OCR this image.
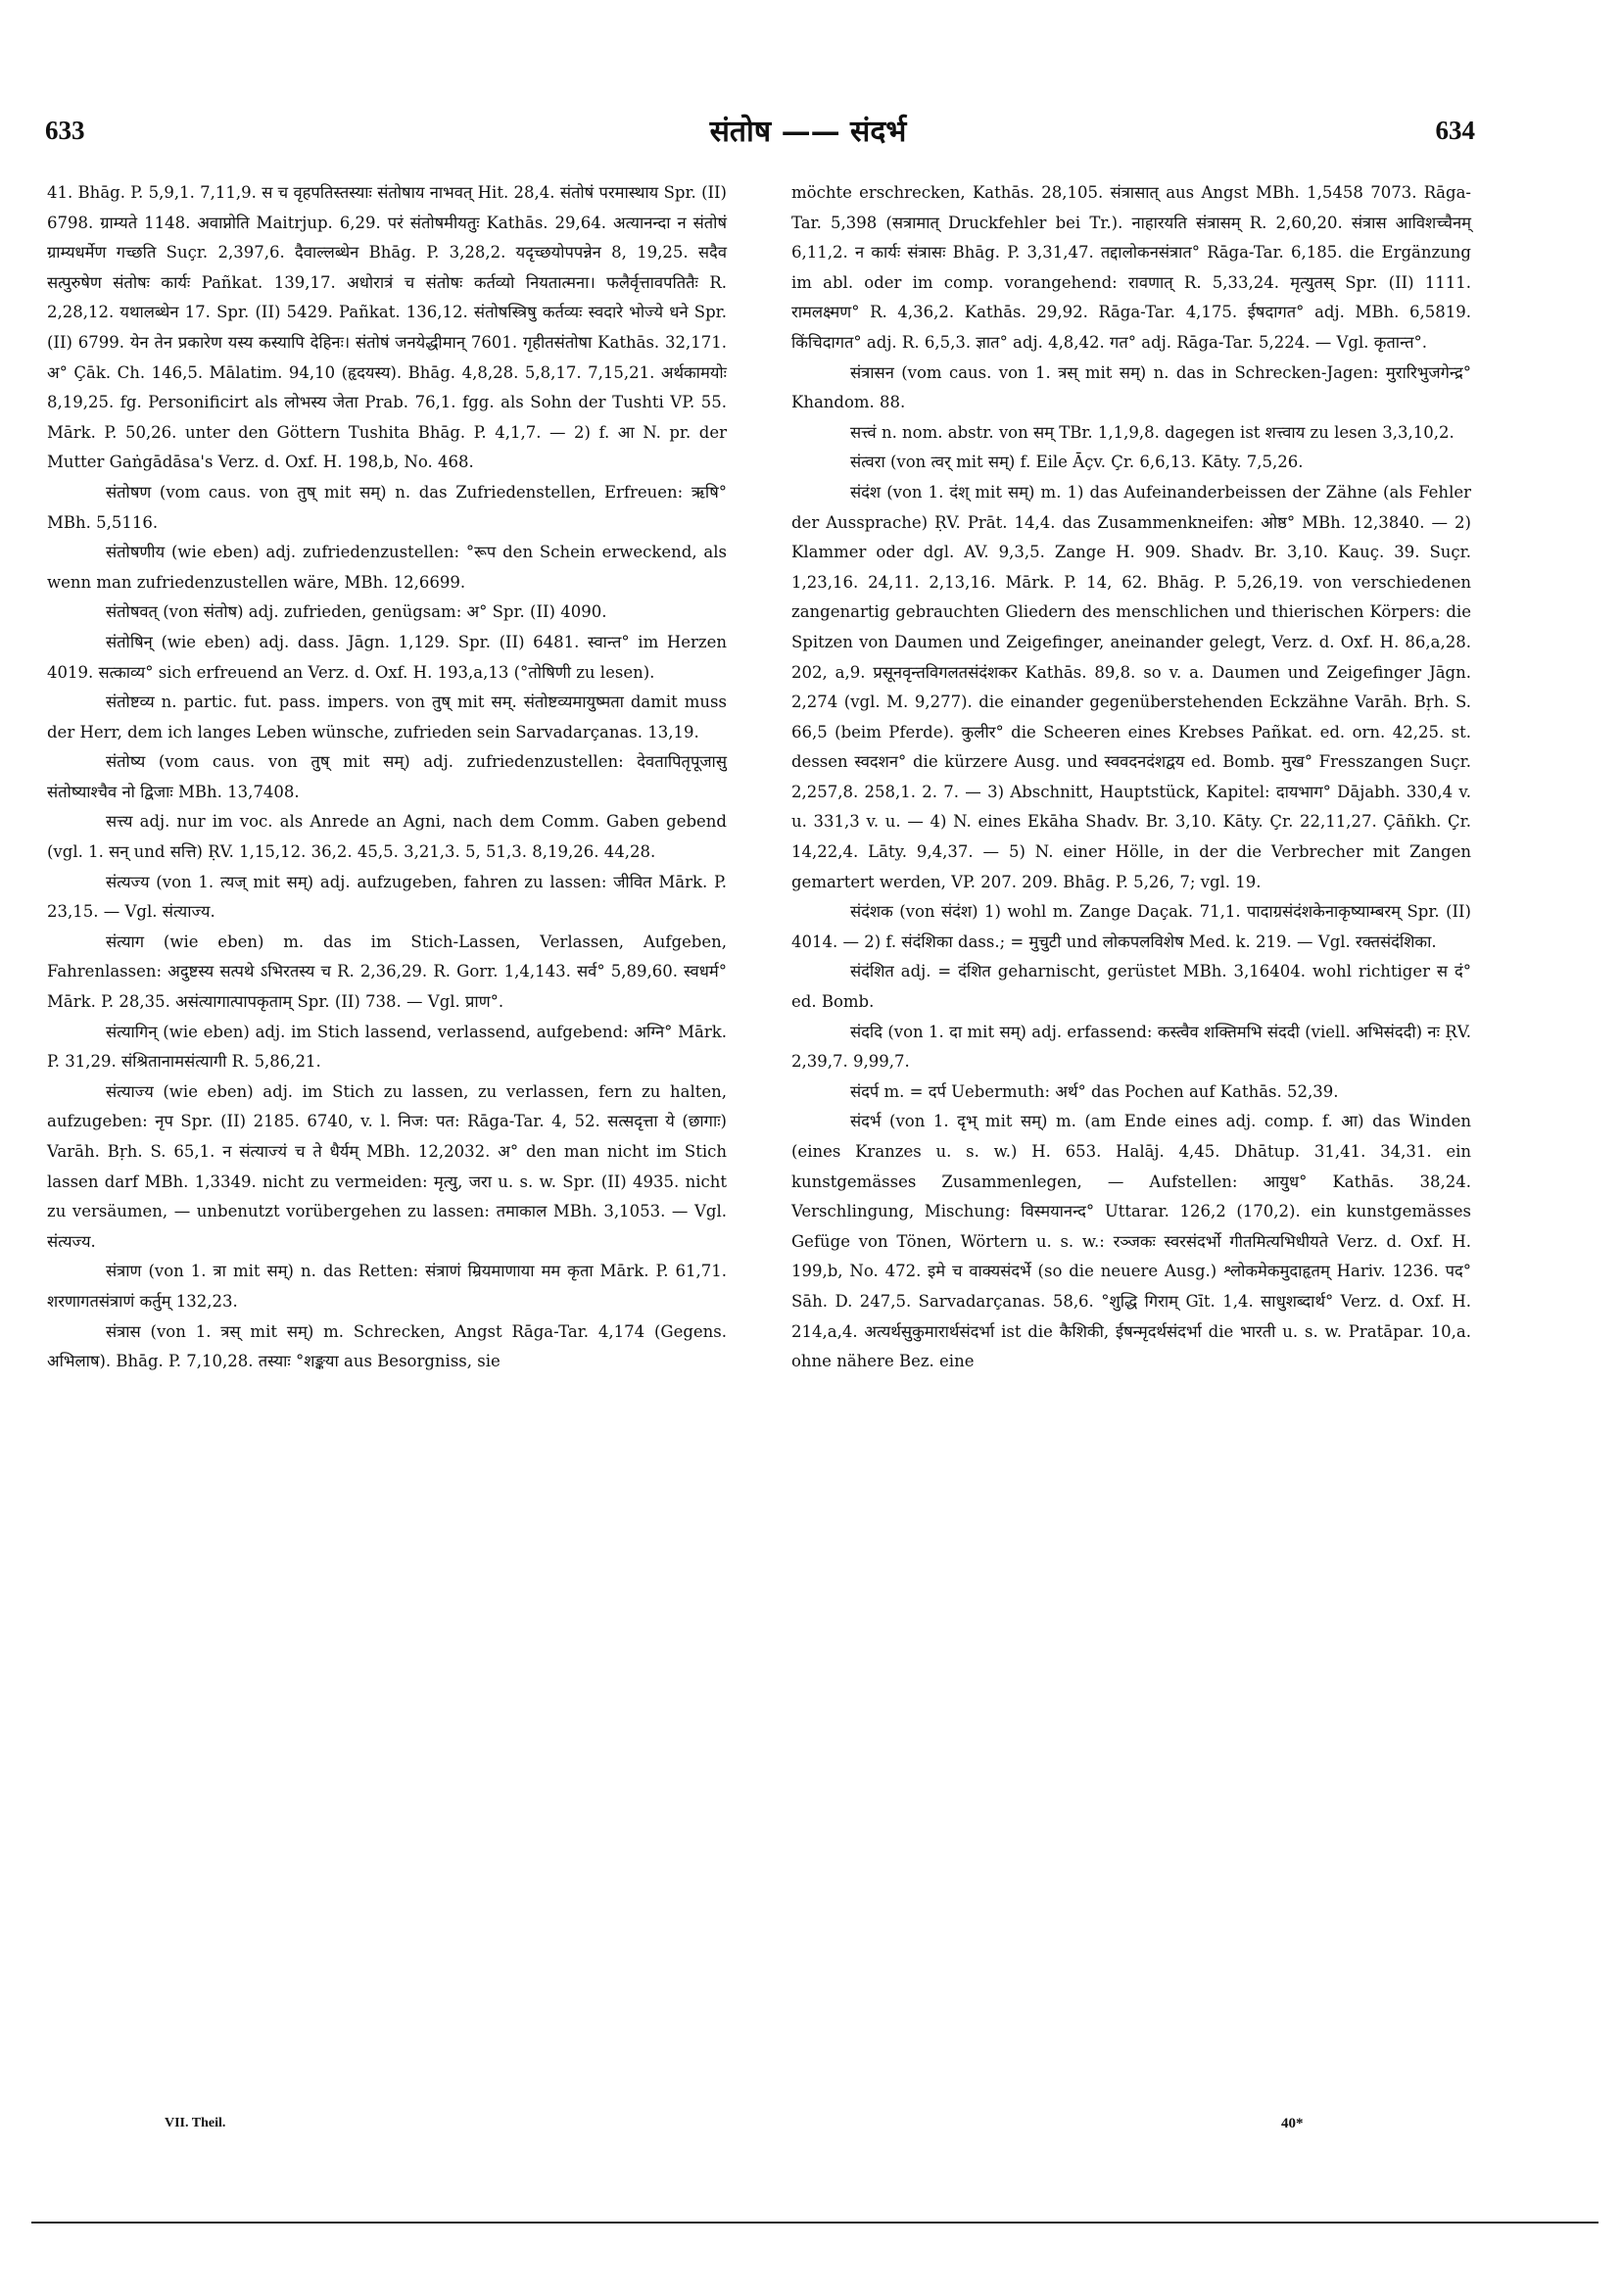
633	संतोष —— संदर्भ	634

41. Bhāg. P. 5,9,1. 7,11,9. स च वृहपतिस्तस्याः संतोषाय नाभवत् Hit. 28,4. संतोषं परमास्थाय Spr. (II) 6798. ग्राम्यते 1148. अवाप्नोति Maitrjup. 6,29. परं संतोषमीयतुः Kathās. 29,64. अत्यानन्दा न संतोषं ग्राम्यधर्मेण गच्छति Suçr. 2,397,6. दैवाल्लब्धेन Bhāg. P. 3,28,2. यदृच्छयोपपन्नेन 8, 19,25. सदैव सत्पुरुषेण संतोषः कार्यः Pañkat. 139,17. अधोरात्रं च संतोषः कर्तव्यो नियतात्मना। फलैर्वृत्तावपतितैः R. 2,28,12. यथालब्धेन 17. Spr. (II) 5429. Pañkat. 136,12. संतोषस्त्रिषु कर्तव्यः स्वदारे भोज्ये धने Spr. (II) 6799. येन तेन प्रकारेण यस्य कस्यापि देहिनः। संतोषं जनयेद्धीमान् 7601. गृहीतसंतोषा Kathās. 32,171. अ° Çāk. Ch. 146,5. Mālatim. 94,10 (हृदयस्य). Bhāg. 4,8,28. 5,8,17. 7,15,21. अर्थकामयोः 8,19,25. fg. Personificirt als लोभस्य जेता Prab. 76,1. fgg. als Sohn der Tushti VP. 55. Mārk. P. 50,26. unter den Göttern Tushita Bhāg. P. 4,1,7. — 2) f. आ N. pr. der Mutter Gaṅgādāsa's Verz. d. Oxf. H. 198,b, No. 468.

संतोषण (vom caus. von तुष् mit सम्) n. das Zufriedenstellen, Erfreuen: ऋषि° MBh. 5,5116.

संतोषणीय (wie eben) adj. zufriedenzustellen: °रूप den Schein erweckend, als wenn man zufriedenzustellen wäre, MBh. 12,6699.

संतोषवत् (von संतोष) adj. zufrieden, genügsam: अ° Spr. (II) 4090.

संतोषिन् (wie eben) adj. dass. Jāgn. 1,129. Spr. (II) 6481. स्वान्त° im Herzen 4019. सत्काव्य° sich erfreuend an Verz. d. Oxf. H. 193,a,13 (°तोषिणी zu lesen).

संतोष्टव्य n. partic. fut. pass. impers. von तुष् mit सम्. संतोष्टव्यमायुष्मता damit muss der Herr, dem ich langes Leben wünsche, zufrieden sein Sarvadarçanas. 13,19.

संतोष्य (vom caus. von तुष् mit सम्) adj. zufriedenzustellen: देवतापितृपूजासु संतोष्याश्चैव नो द्विजाः MBh. 13,7408.

सत्त्य adj. nur im voc. als Anrede an Agni, nach dem Comm. Gaben gebend (vgl. 1. सन् und सत्ति) ṚV. 1,15,12. 36,2. 45,5. 3,21,3. 5, 51,3. 8,19,26. 44,28.

संत्यज्य (von 1. त्यज् mit सम्) adj. aufzugeben, fahren zu lassen: जीवित Mārk. P. 23,15. — Vgl. संत्याज्य.

संत्याग (wie eben) m. das im Stich-Lassen, Verlassen, Aufgeben, Fahrenlassen: अदुष्टस्य सत्पथे ऽभिरतस्य च R. 2,36,29. R. Gorr. 1,4,143. सर्व° 5,89,60. स्वधर्म° Mārk. P. 28,35. असंत्यागात्पापकृताम् Spr. (II) 738. — Vgl. प्राण°.

संत्यागिन् (wie eben) adj. im Stich lassend, verlassend, aufgebend: अग्नि° Mārk. P. 31,29. संश्रितानामसंत्यागी R. 5,86,21.

संत्याज्य (wie eben) adj. im Stich zu lassen, zu verlassen, fern zu halten, aufzugeben: नृप Spr. (II) 2185. 6740, v. l. निज: पत: Rāga-Tar. 4, 52. सत्सदृत्ता ये (छागाः) Varāh. Bṛh. S. 65,1. न संत्याज्यं च ते धैर्यम् MBh. 12,2032. अ° den man nicht im Stich lassen darf MBh. 1,3349. nicht zu vermeiden: मृत्यु, जरा u. s. w. Spr. (II) 4935. nicht zu versäumen, — unbenutzt vorübergehen zu lassen: तमाकाल MBh. 3,1053. — Vgl. संत्यज्य.

संत्राण (von 1. त्रा mit सम्) n. das Retten: संत्राणं म्रियमाणाया मम कृता Mārk. P. 61,71. शरणागतसंत्राणं कर्तुम् 132,23.

संत्रास (von 1. त्रस् mit सम्) m. Schrecken, Angst Rāga-Tar. 4,174 (Gegens. अभिलाष). Bhāg. P. 7,10,28. तस्याः °शङ्कया aus Besorgniss, sie

möchte erschrecken, Kathās. 28,105. संत्रासात् aus Angst MBh. 1,5458 7073. Rāga-Tar. 5,398 (सत्रामात् Druckfehler bei Tr.). नाहारयति संत्रासम् R. 2,60,20. संत्रास आविशच्चैनम् 6,11,2. न कार्यः संत्रासः Bhāg. P. 3,31,47. तद्दालोकनसंत्रात° Rāga-Tar. 6,185. die Ergänzung im abl. oder im comp. vorangehend: रावणात् R. 5,33,24. मृत्युतस् Spr. (II) 1111. रामलक्ष्मण° R. 4,36,2. Kathās. 29,92. Rāga-Tar. 4,175. ईषदागत° adj. MBh. 6,5819. किंचिदागत° adj. R. 6,5,3. ज्ञात° adj. 4,8,42. गत° adj. Rāga-Tar. 5,224. — Vgl. कृतान्त°.

संत्रासन (vom caus. von 1. त्रस् mit सम्) n. das in Schrecken-Jagen: मुरारिभुजगेन्द्र° Khandom. 88.

सत्त्वं n. nom. abstr. von सम् TBr. 1,1,9,8. dagegen ist शत्त्वाय zu lesen 3,3,10,2.

संत्वरा (von त्वर् mit सम्) f. Eile Āçv. Çr. 6,6,13. Kāty. 7,5,26.

संदंश (von 1. दंश् mit सम्) m. 1) das Aufeinanderbeissen der Zähne (als Fehler der Aussprache) ṚV. Prāt. 14,4. das Zusammenkneifen: ओष्ठ° MBh. 12,3840. — 2) Klammer oder dgl. AV. 9,3,5. Zange H. 909. Shadv. Br. 3,10. Kauç. 39. Suçr. 1,23,16. 24,11. 2,13,16. Mārk. P. 14, 62. Bhāg. P. 5,26,19. von verschiedenen zangenartig gebrauchten Gliedern des menschlichen und thierischen Körpers: die Spitzen von Daumen und Zeigefinger, aneinander gelegt, Verz. d. Oxf. H. 86,a,28. 202, a,9. प्रसूनवृन्तविगलतसंदंशकर Kathās. 89,8. so v. a. Daumen und Zeigefinger Jāgn. 2,274 (vgl. M. 9,277). die einander gegenüberstehenden Eckzähne Varāh. Bṛh. S. 66,5 (beim Pferde). कुलीर° die Scheeren eines Krebses Pañkat. ed. orn. 42,25. st. dessen स्वदशन° die kürzere Ausg. und स्ववदनदंशद्वय ed. Bomb. मुख° Fresszangen Suçr. 2,257,8. 258,1. 2. 7. — 3) Abschnitt, Hauptstück, Kapitel: दायभाग° Dājabh. 330,4 v. u. 331,3 v. u. — 4) N. eines Ekāha Shadv. Br. 3,10. Kāty. Çr. 22,11,27. Çāñkh. Çr. 14,22,4. Lāty. 9,4,37. — 5) N. einer Hölle, in der die Verbrecher mit Zangen gemartert werden, VP. 207. 209. Bhāg. P. 5,26, 7; vgl. 19.

संदंशक (von संदंश) 1) wohl m. Zange Daçak. 71,1. पादाग्रसंदंशकेनाकृष्याम्बरम् Spr. (II) 4014. — 2) f. संदंशिका dass.; = मुचुटी und लोकपलविशेष Med. k. 219. — Vgl. रक्तसंदंशिका.

संदंशित adj. = दंशित geharnischt, gerüstet MBh. 3,16404. wohl richtiger स दं° ed. Bomb.

संददि (von 1. दा mit सम्) adj. erfassend: कस्त्वैव शक्तिमभि संददी (viell. अभिसंददी) नः ṚV. 2,39,7. 9,99,7.

संदर्प m. = दर्प Uebermuth: अर्थ° das Pochen auf Kathās. 52,39.

संदर्भ (von 1. दृभ् mit सम्) m. (am Ende eines adj. comp. f. आ) das Winden (eines Kranzes u. s. w.) H. 653. Halāj. 4,45. Dhātup. 31,41. 34,31. ein kunstgemässes Zusammenlegen, — Aufstellen: आयुध° Kathās. 38,24. Verschlingung, Mischung: विस्मयानन्द° Uttarar. 126,2 (170,2). ein kunstgemässes Gefüge von Tönen, Wörtern u. s. w.: रञ्जकः स्वरसंदर्भो गीतमित्यभिधीयते Verz. d. Oxf. H. 199,b, No. 472. इमे च वाक्यसंदर्भे (so die neuere Ausg.) श्लोकमेकमुदाहृतम् Hariv. 1236. पद° Sāh. D. 247,5. Sarvadarçanas. 58,6. °शुद्धि गिराम् Gīt. 1,4. साधुशब्दार्थ° Verz. d. Oxf. H. 214,a,4. अत्यर्थसुकुमारार्थसंदर्भा ist die कैशिकी, ईषन्मृदर्थसंदर्भा die भारती u. s. w. Pratāpar. 10,a. ohne nähere Bez. eine

VII. Theil.	40*
